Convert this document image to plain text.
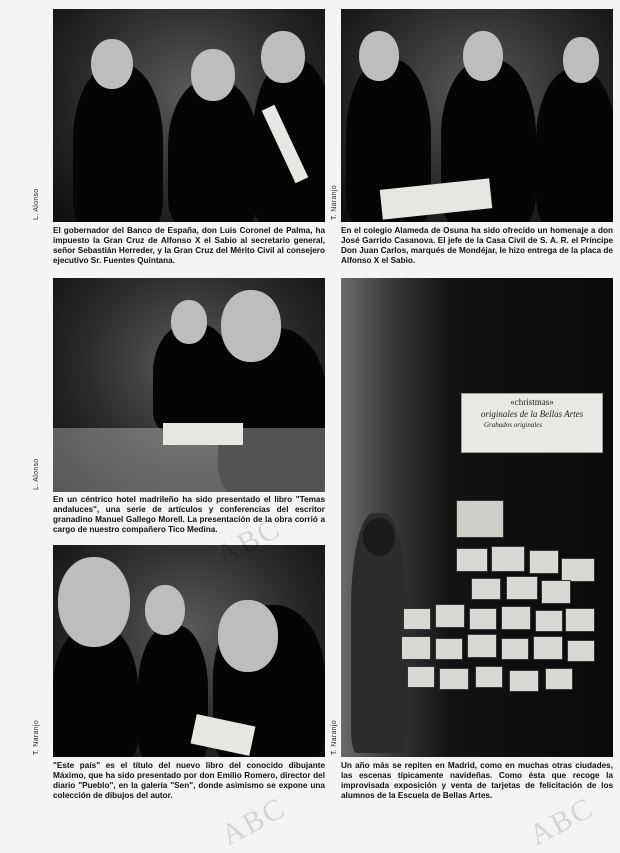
L. Alonso
El gobernador del Banco de España, don Luis Coronel de Palma, ha impuesto la Gran Cruz de Alfonso X el Sabio al secretario general, señor Sebastián Herreder, y la Gran Cruz del Mérito Civil al consejero ejecutivo Sr. Fuentes Quintana.
T. Naranjo
En el colegio Alameda de Osuna ha sido ofrecido un homenaje a don José Garrido Casanova. El jefe de la Casa Civil de S. A. R. el Príncipe Don Juan Carlos, marqués de Mondéjar, le hizo entrega de la placa de Alfonso X el Sabio.
L. Alonso
En un céntrico hotel madrileño ha sido presentado el libro "Temas andaluces", una serie de artículos y conferencias del escritor granadino Manuel Gallego Morell. La presentación de la obra corrió a cargo de nuestro compañero Tico Medina.
T. Naranjo
"Este país" es el título del nuevo libro del conocido dibujante Máximo, que ha sido presentado por don Emilio Romero, director del diario "Pueblo", en la galería "Sen", donde asimismo se expone una colección de dibujos del autor.
«christmas»
originales de la Bellas Artes
Grabados originales
T. Naranjo
Un año más se repiten en Madrid, como en muchas otras ciudades, las escenas típicamente navideñas. Como ésta que recoge la improvisada exposición y venta de tarjetas de felicitación de los alumnos de la Escuela de Bellas Artes.
ABC
ABC	ABC
